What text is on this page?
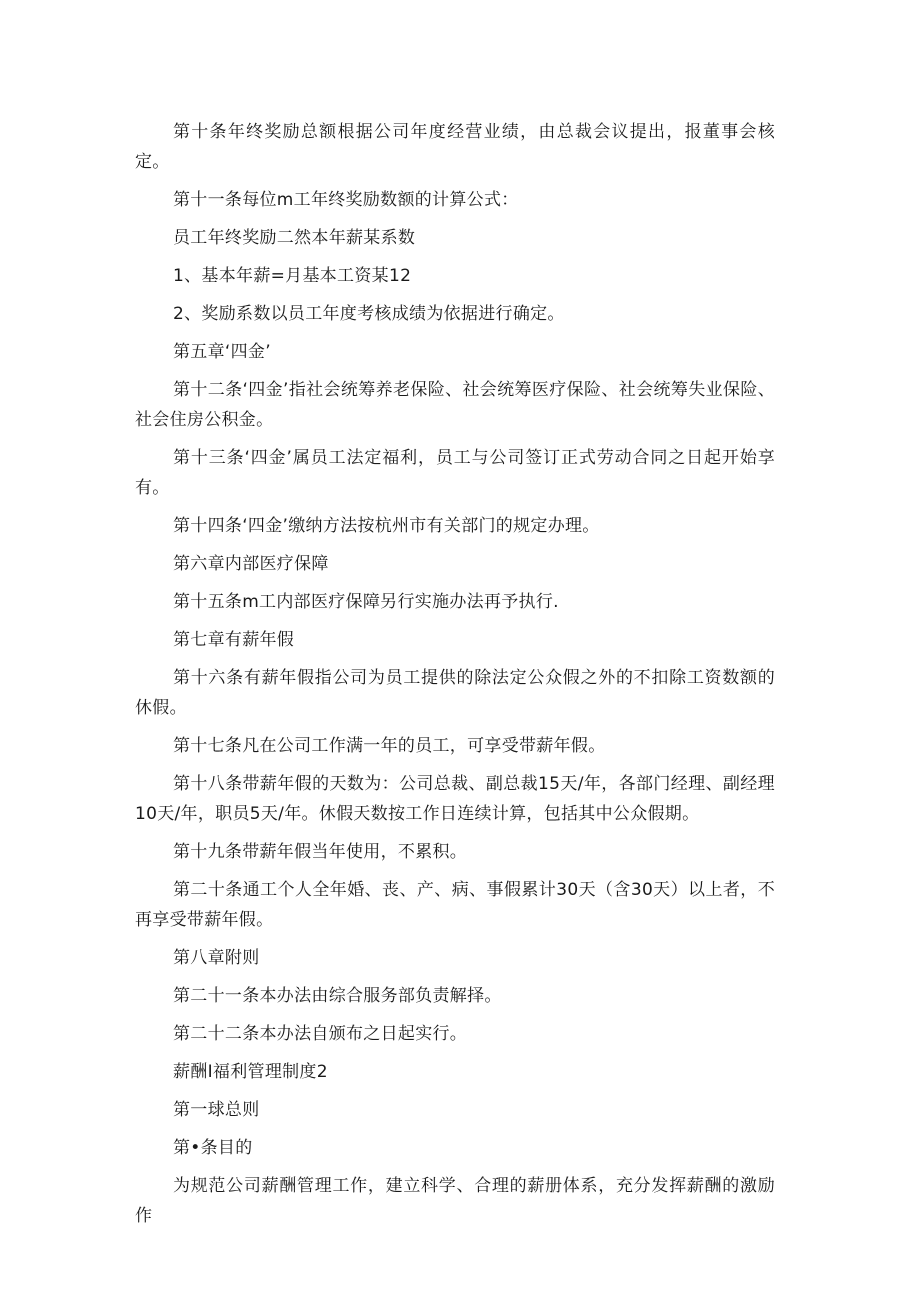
第十条年终奖励总额根据公司年度经营业绩，由总裁会议提出，报董事会核定。

第十一条每位m工年终奖励数额的计算公式：

员工年终奖励二然本年薪某系数

1、基本年薪=月基本工资某12

2、奖励系数以员工年度考核成绩为依据进行确定。

第五章‘四金’

第十二条‘四金’指社会统筹养老保险、社会统筹医疗保险、社会统筹失业保险、社会住房公积金。

第十三条‘四金’属员工法定福利，员工与公司签订正式劳动合同之日起开始享有。

第十四条‘四金’缴纳方法按杭州市有关部门的规定办理。

第六章内部医疗保障

第十五条m工内部医疗保障另行实施办法再予执行.

第七章有薪年假

第十六条有薪年假指公司为员工提供的除法定公众假之外的不扣除工资数额的休假。

第十七条凡在公司工作满一年的员工，可享受带薪年假。

第十八条带薪年假的天数为：公司总裁、副总裁15天/年，各部门经理、副经理10天/年，职员5天/年。休假天数按工作日连续计算，包括其中公众假期。

第十九条带薪年假当年使用，不累积。

第二十条通工个人全年婚、丧、产、病、事假累计30天（含30天）以上者，不再享受带薪年假。

第八章附则

第二十一条本办法由综合服务部负责解择。

第二十二条本办法自颁布之日起实行。

薪酬I福利管理制度2

第一球总则

第•条目的

为规范公司薪酬管理工作，建立科学、合理的薪册体系，充分发挥薪酬的激励作
